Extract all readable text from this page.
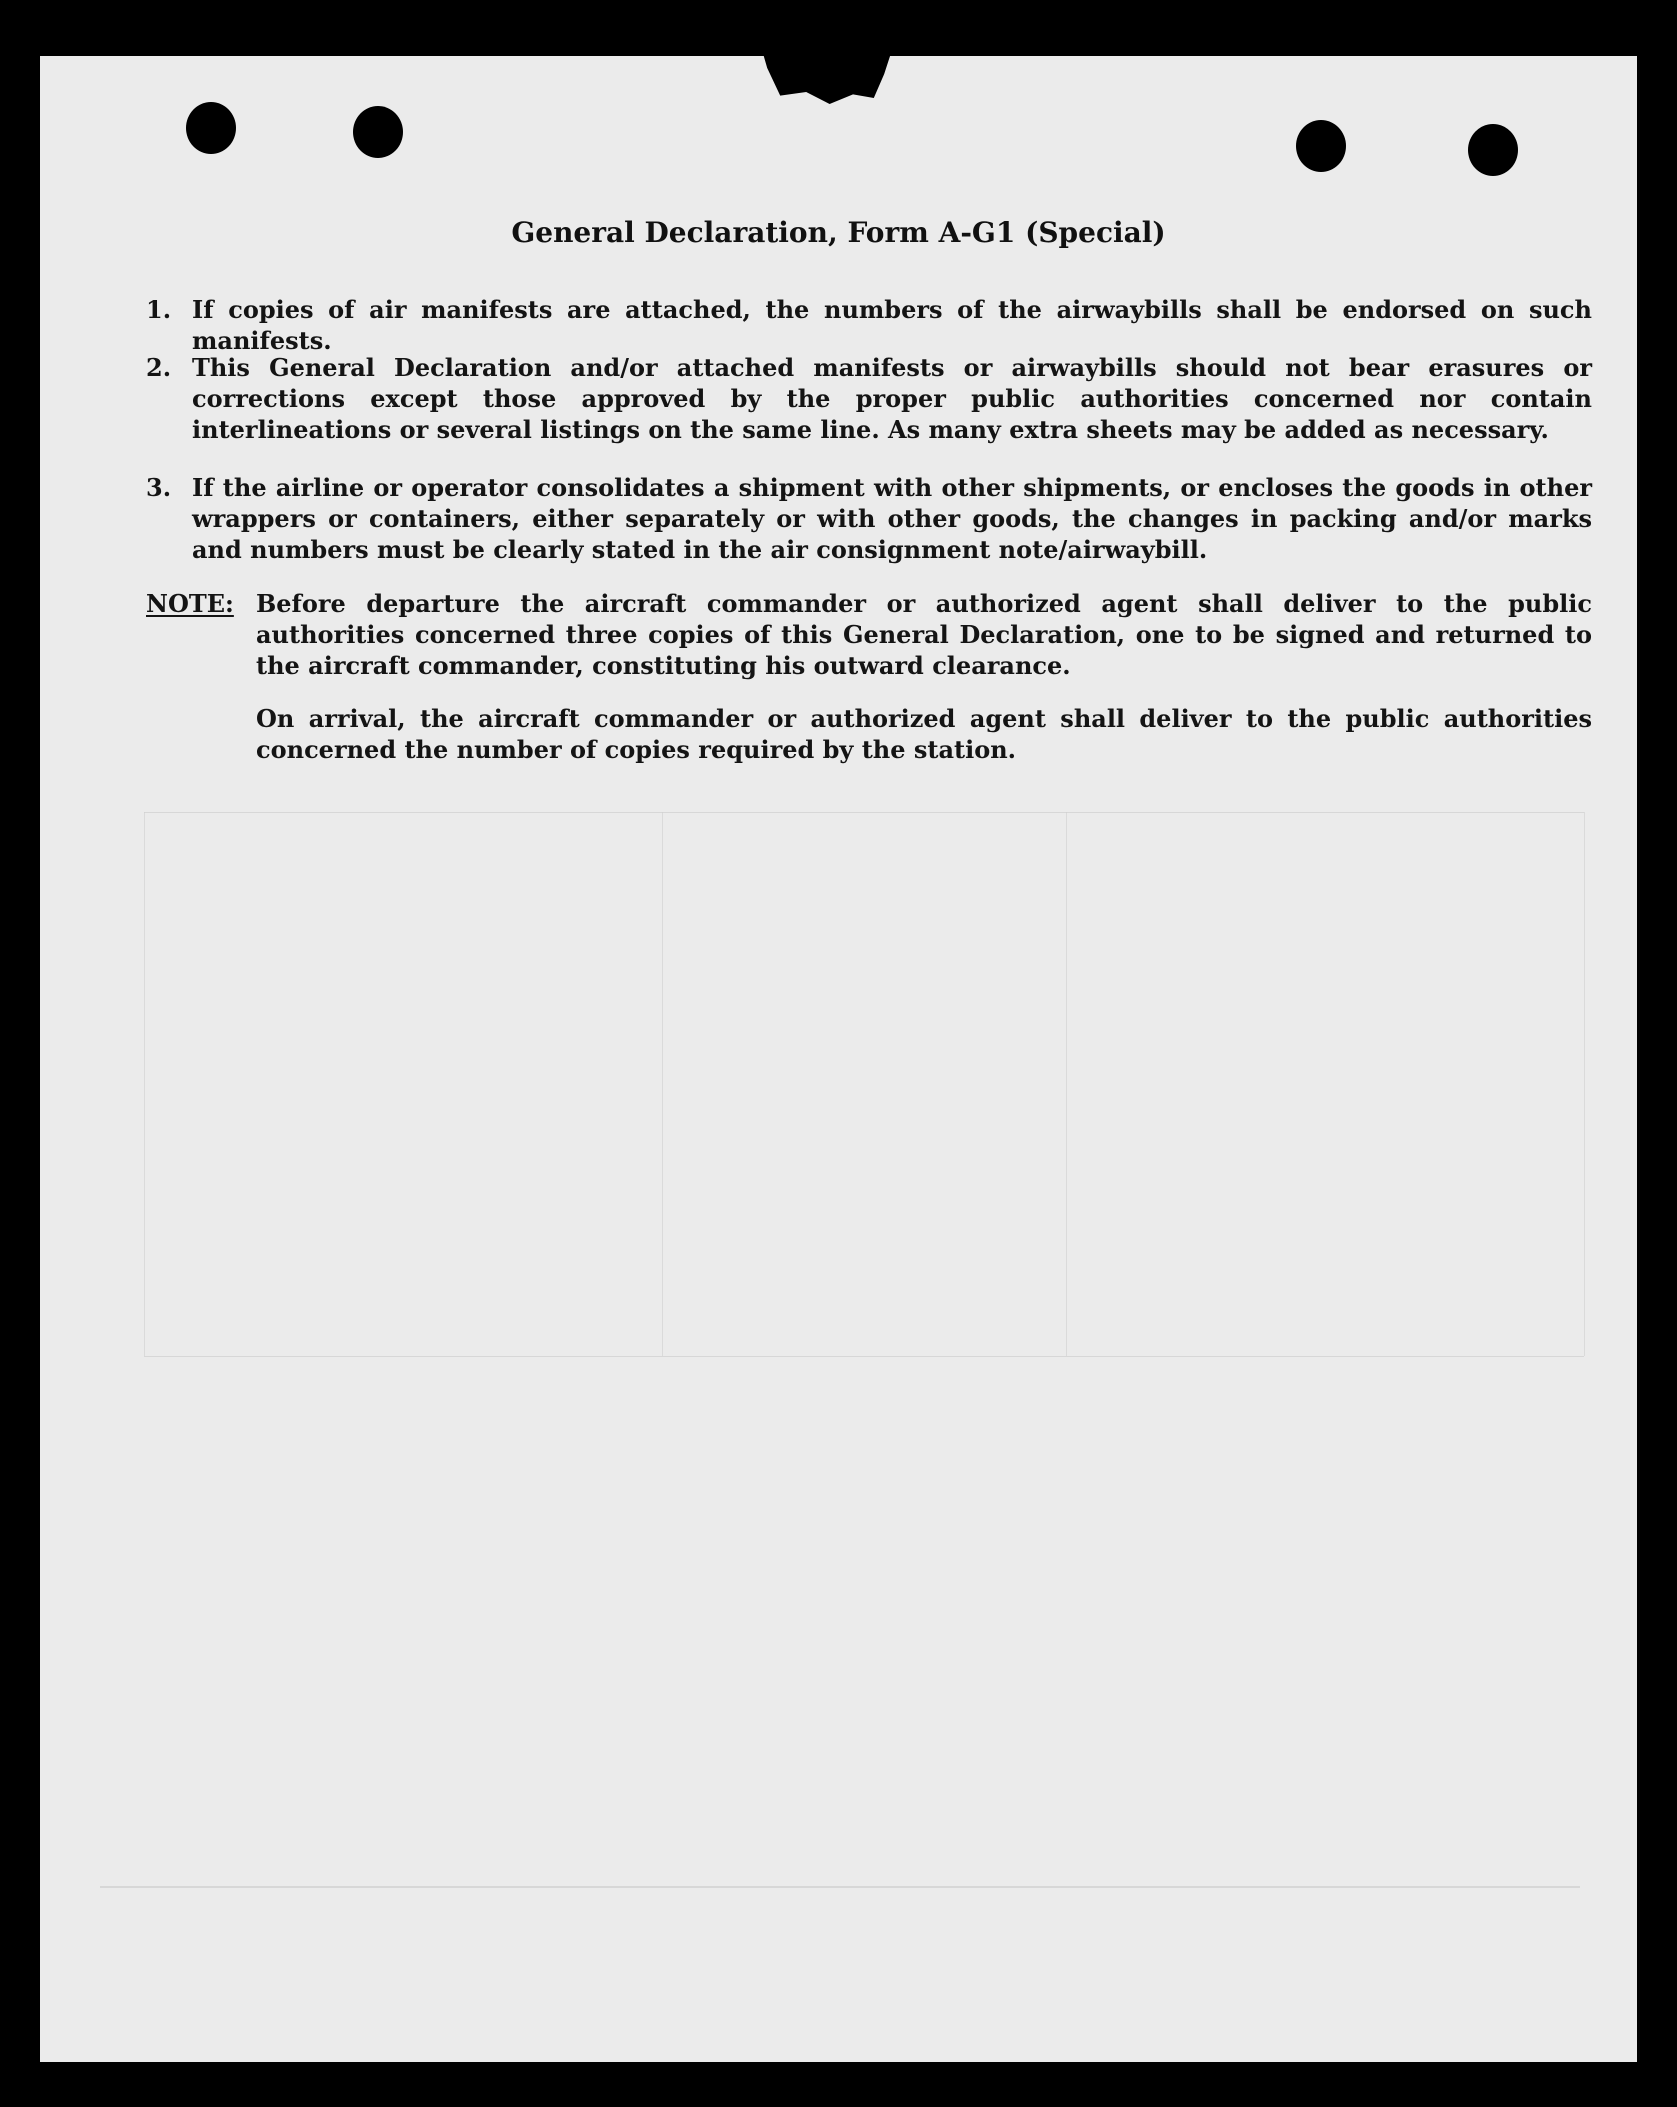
General Declaration, Form A-G1 (Special)
1. If copies of air manifests are attached, the numbers of the airwaybills shall be endorsed on such manifests.
2. This General Declaration and/or attached manifests or airwaybills should not bear erasures or corrections except those approved by the proper public authorities concerned nor contain interlineations or several listings on the same line. As many extra sheets may be added as necessary.
3. If the airline or operator consolidates a shipment with other shipments, or encloses the goods in other wrappers or containers, either separately or with other goods, the changes in packing and/or marks and numbers must be clearly stated in the air consignment note/airwaybill.
NOTE: Before departure the aircraft commander or authorized agent shall deliver to the public authorities concerned three copies of this General Declaration, one to be signed and returned to the aircraft commander, constituting his outward clearance.

On arrival, the aircraft commander or authorized agent shall deliver to the public authorities concerned the number of copies required by the station.
